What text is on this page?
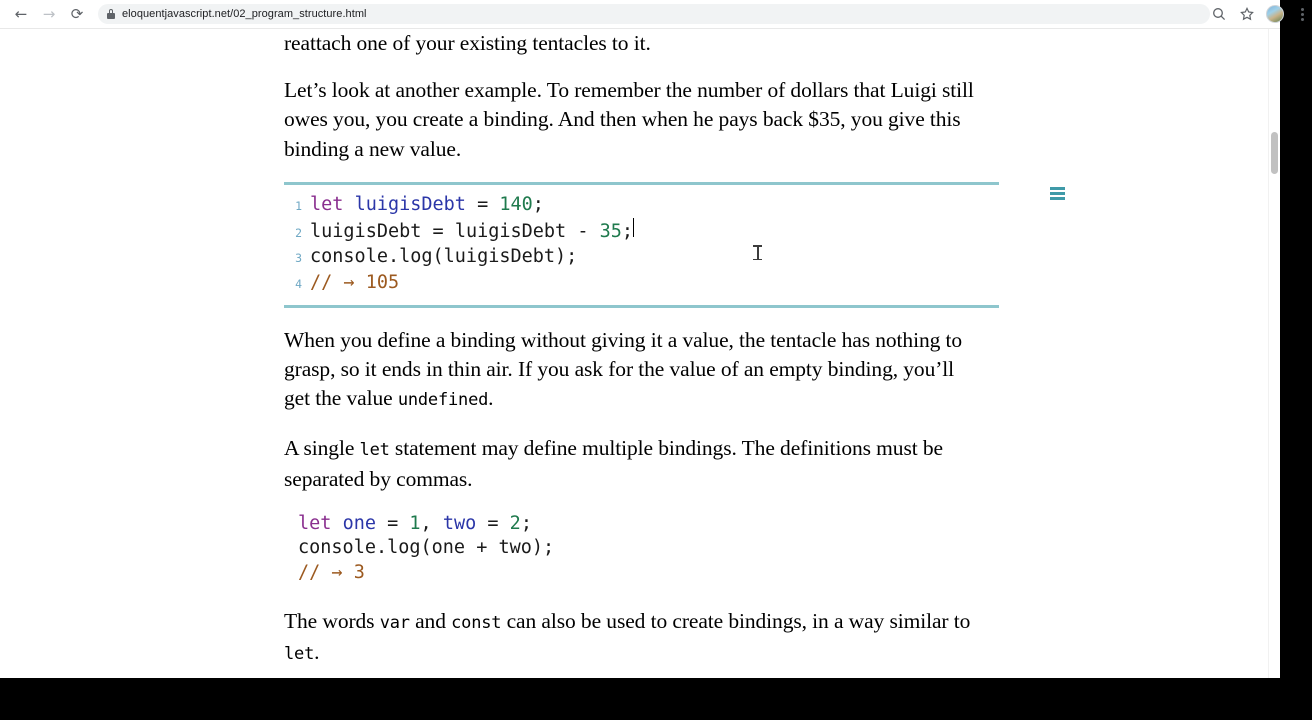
←	→	⟳	eloquentjavascript.net/02_program_structure.html

reattach one of your existing tentacles to it.

Let’s look at another example. To remember the number of dollars that Luigi still owes you, you create a binding. And then when he pays back $35, you give this binding a new value.

1 let luigisDebt = 140;
2 luigisDebt = luigisDebt - 35;
3 console.log(luigisDebt);
4 // → 105

When you define a binding without giving it a value, the tentacle has nothing to grasp, so it ends in thin air. If you ask for the value of an empty binding, you’ll get the value undefined.

A single let statement may define multiple bindings. The definitions must be separated by commas.

let one = 1, two = 2;
console.log(one + two);
// → 3

The words var and const can also be used to create bindings, in a way similar to let.
